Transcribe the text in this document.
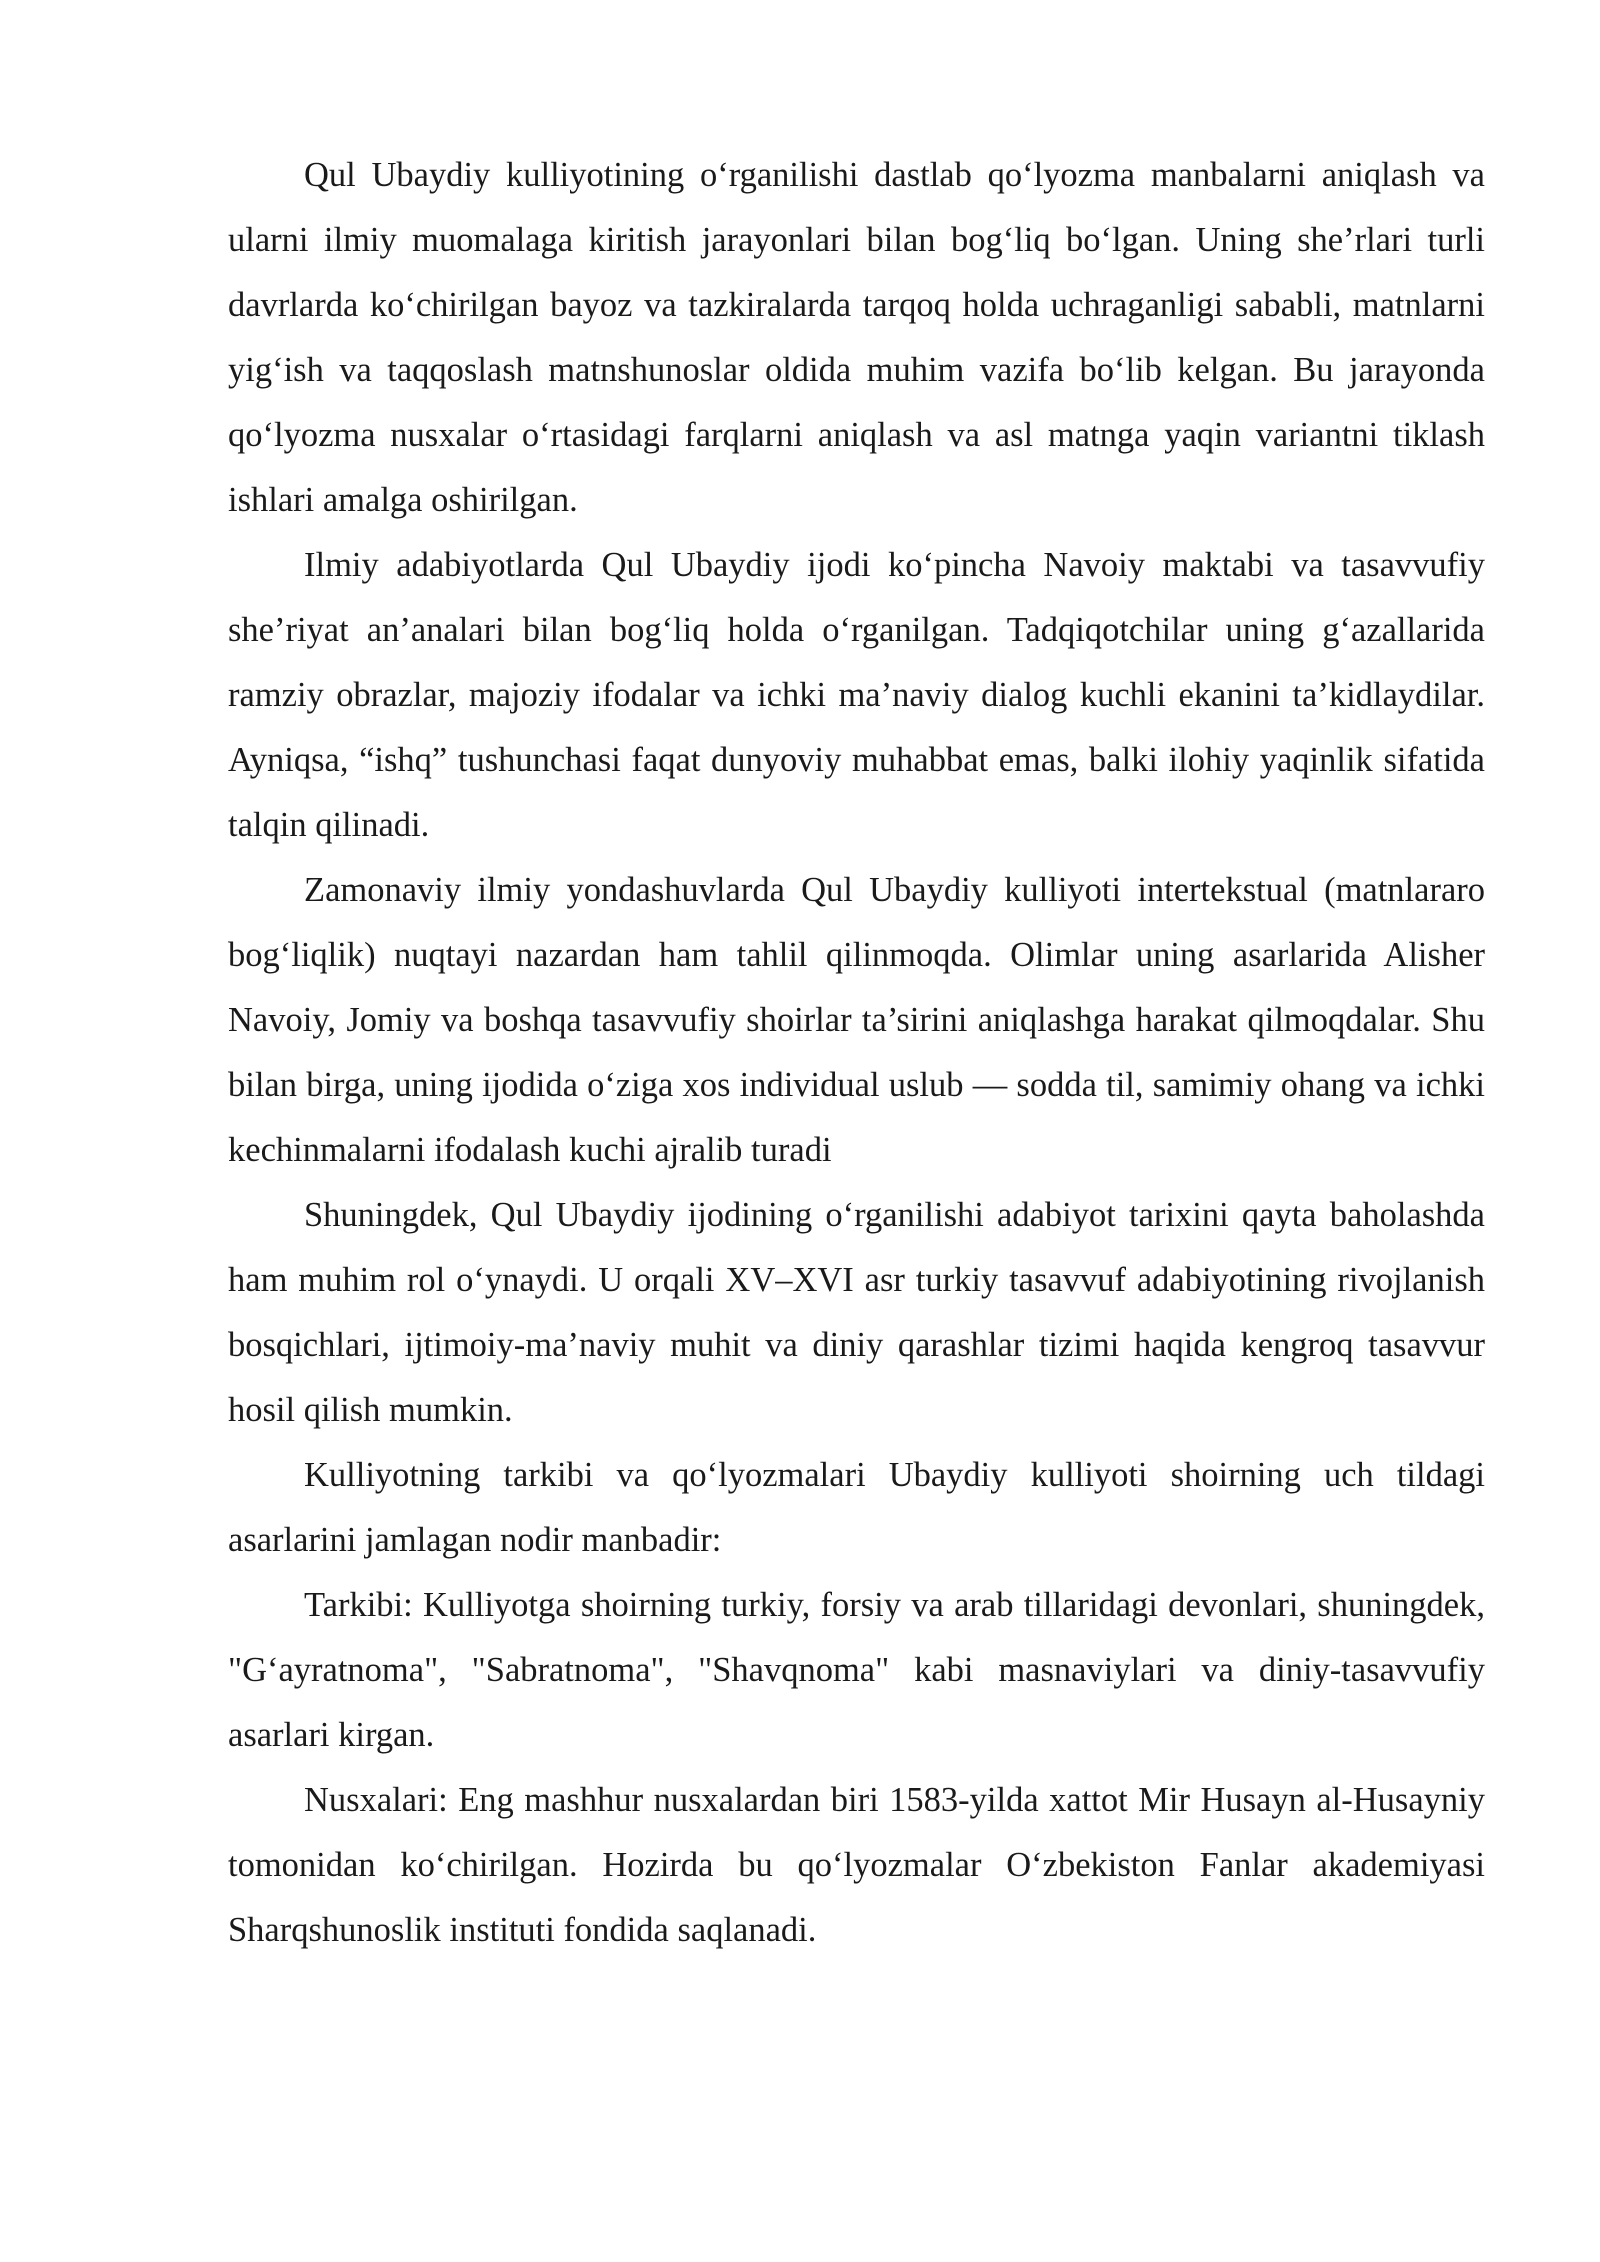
Qul Ubaydiy kulliyotining o‘rganilishi dastlab qo‘lyozma manbalarni aniqlash va ularni ilmiy muomalaga kiritish jarayonlari bilan bog‘liq bo‘lgan. Uning she’rlari turli davrlarda ko‘chirilgan bayoz va tazkiralarda tarqoq holda uchraganligi sababli, matnlarni yig‘ish va taqqoslash matnshunoslar oldida muhim vazifa bo‘lib kelgan. Bu jarayonda qo‘lyozma nusxalar o‘rtasidagi farqlarni aniqlash va asl matnga yaqin variantni tiklash ishlari amalga oshirilgan.

Ilmiy adabiyotlarda Qul Ubaydiy ijodi ko‘pincha Navoiy maktabi va tasavvufiy she’riyat an’analari bilan bog‘liq holda o‘rganilgan. Tadqiqotchilar uning g‘azallarida ramziy obrazlar, majoziy ifodalar va ichki ma’naviy dialog kuchli ekanini ta’kidlaydilar. Ayniqsa, “ishq” tushunchasi faqat dunyoviy muhabbat emas, balki ilohiy yaqinlik sifatida talqin qilinadi.

Zamonaviy ilmiy yondashuvlarda Qul Ubaydiy kulliyoti intertekstual (matnlararo bog‘liqlik) nuqtayi nazardan ham tahlil qilinmoqda. Olimlar uning asarlarida Alisher Navoiy, Jomiy va boshqa tasavvufiy shoirlar ta’sirini aniqlashga harakat qilmoqdalar. Shu bilan birga, uning ijodida o‘ziga xos individual uslub — sodda til, samimiy ohang va ichki kechinmalarni ifodalash kuchi ajralib turadi

Shuningdek, Qul Ubaydiy ijodining o‘rganilishi adabiyot tarixini qayta baholashda ham muhim rol o‘ynaydi. U orqali XV–XVI asr turkiy tasavvuf adabiyotining rivojlanish bosqichlari, ijtimoiy-ma’naviy muhit va diniy qarashlar tizimi haqida kengroq tasavvur hosil qilish mumkin.

Kulliyotning tarkibi va qo‘lyozmalari Ubaydiy kulliyoti shoirning uch tildagi asarlarini jamlagan nodir manbadir:

Tarkibi: Kulliyotga shoirning turkiy, forsiy va arab tillaridagi devonlari, shuningdek, "G‘ayratnoma", "Sabratnoma", "Shavqnoma" kabi masnaviylari va diniy-tasavvufiy asarlari kirgan.

Nusxalari: Eng mashhur nusxalardan biri 1583-yilda xattot Mir Husayn al-Husayniy tomonidan ko‘chirilgan. Hozirda bu qo‘lyozmalar O‘zbekiston Fanlar akademiyasi Sharqshunoslik instituti fondida saqlanadi.
